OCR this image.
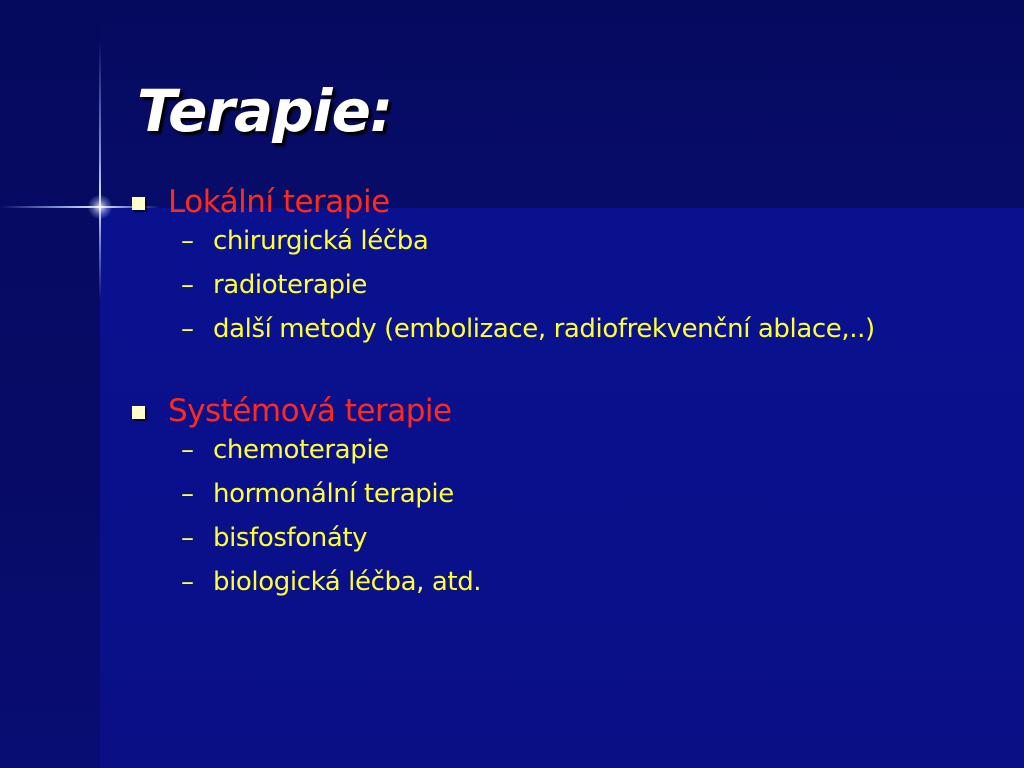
Terapie:
Lokální terapie
– chirurgická léčba
– radioterapie
– další metody (embolizace, radiofrekvenční ablace,..)
Systémová terapie
– chemoterapie
– hormonální terapie
– bisfosfonáty
– biologická léčba, atd.
